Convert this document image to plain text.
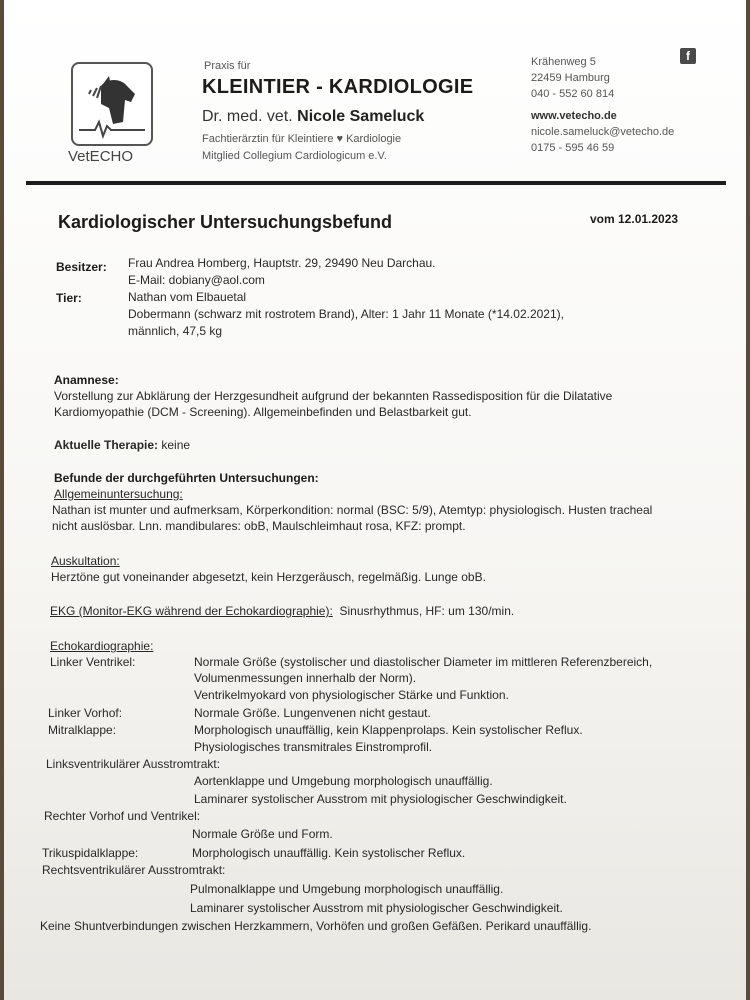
VetECHO
Praxis für
KLEINTIER - KARDIOLOGIE
Dr. med. vet. Nicole Sameluck
Fachtierärztin für Kleintiere ♥ Kardiologie
Mitglied Collegium Cardiologicum e.V.
f
Krähenweg 5
22459 Hamburg
040 - 552 60 814
www.vetecho.de
nicole.sameluck@vetecho.de
0175 - 595 46 59
Kardiologischer Untersuchungsbefund	vom 12.01.2023
Besitzer: Frau Andrea Homberg, Hauptstr. 29, 29490 Neu Darchau.
E-Mail: dobiany@aol.com
Tier:	Nathan vom Elbauetal
Dobermann (schwarz mit rostrotem Brand), Alter: 1 Jahr 11 Monate (*14.02.2021),
männlich, 47,5 kg
Anamnese:
Vorstellung zur Abklärung der Herzgesundheit aufgrund der bekannten Rassedisposition für die Dilatative
Kardiomyopathie (DCM - Screening). Allgemeinbefinden und Belastbarkeit gut.
Aktuelle Therapie: keine
Befunde der durchgeführten Untersuchungen:
Allgemeinuntersuchung:
Nathan ist munter und aufmerksam, Körperkondition: normal (BSC: 5/9), Atemtyp: physiologisch. Husten tracheal
nicht auslösbar. Lnn. mandibulares: obB, Maulschleimhaut rosa, KFZ: prompt.
Auskultation:
Herztöne gut voneinander abgesetzt, kein Herzgeräusch, regelmäßig. Lunge obB.
EKG (Monitor-EKG während der Echokardiographie): Sinusrhythmus, HF: um 130/min.
Echokardiographie:
Linker Ventrikel:	Normale Größe (systolischer und diastolischer Diameter im mittleren Referenzbereich,
Volumenmessungen innerhalb der Norm).
Ventrikelmyokard von physiologischer Stärke und Funktion.
Linker Vorhof:	Normale Größe. Lungenvenen nicht gestaut.
Mitralklappe:	Morphologisch unauffällig, kein Klappenprolaps. Kein systolischer Reflux.
Physiologisches transmitrales Einstromprofil.
Linksventrikulärer Ausstromtrakt:
Aortenklappe und Umgebung morphologisch unauffällig.
Laminarer systolischer Ausstrom mit physiologischer Geschwindigkeit.
Rechter Vorhof und Ventrikel:
Normale Größe und Form.
Trikuspidalklappe:	Morphologisch unauffällig. Kein systolischer Reflux.
Rechtsventrikulärer Ausstromtrakt:
Pulmonalklappe und Umgebung morphologisch unauffällig.
Laminarer systolischer Ausstrom mit physiologischer Geschwindigkeit.
Keine Shuntverbindungen zwischen Herzkammern, Vorhöfen und großen Gefäßen. Perikard unauffällig.
